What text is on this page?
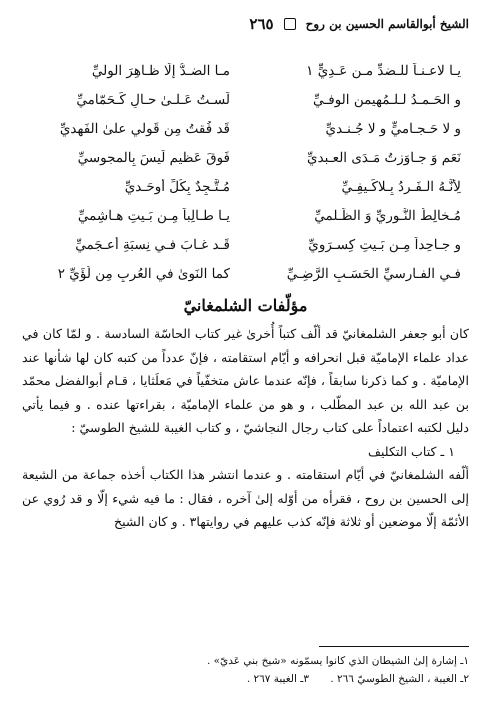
الشيخ أبوالقاسم الحسين بن روح
٢٦٥
يـا لاعـنـاً للـضدِّ مـن عَـدِيٍّ ١
مـا الضـدُّ إلّا ظـاهِرَ الوليِّ
و الحَـمـدُ لـلـمُهيمنِ الوفـيِّ
لَسـتُ عَـلـىٰ حـالٍ كَـحَمّاميِّ
و لا حَـجـاميٍّ و لا جُـنـديِّ
قَد فُقتُ مِن قَولي علىٰ الفَهديِّ
نَعَم وَ جـاوَزتُ مَـدَى العـبديِّ
فَوقَ عَظيمٍ لَيسَ بِالمجوسيِّ
لِأَنَّـهُ الـفَـردُ بِـلاكَـيفِـيِّ
مُـتَّـجِدٌ بِكُلِّ أوحَـديِّ
مُـخالِطُ النُّـوريِّ وَ الظُّـلميِّ
يـا طـالِباً مِـن بَـيتِ هـاشِميِّ
و جـاحِداً مِـن بَـيتِ كِسـرَويِّ
قَـد غـابَ فـي نِسبَةِ أعـجَميِّ
فـي الفـارسيِّ الحَسَـبِ الرَّضِـيِّ
كما النَوىٰ في العُربِ مِن لُؤَيِّ ٢
مؤلّفات الشلمغانيّ

كان أبو جعفر الشلمغانيّ قد ألّف كتباً أُخرىٰ غير كتاب الحاسّة السادسة . و لمّا كان في عداد علماء الإماميّة قبل انحرافه و أيّام استقامته ، فإنّ عدداً من كتبه كان لها شأنها عند الإماميّة . و كما ذكرنا سابقاً ، فإنّه عندما عاش متخفّياً في مَعلَثايا ، قـام أبوالفضل محمّد بن عبد الله بن عبد المطّلب ، و هو من علماء الإماميّة ، بقراءتها عنده . و فيما يأتي دليل لكتبه اعتماداً على كتاب رجال النجاشيّ ، و كتاب الغيبة للشيخ الطوسيّ :

١ ـ كتاب التكليف

ألّفه الشلمغانيّ في أيّام استقامته . و عندما انتشر هذا الكتاب أخذه جماعة من الشيعة إلى الحسين بن روح ، فقرأه من أوّله إلىٰ آخره ، فقال : ما فيه شيء إلّا و قد رُوي عن الأئمّة إلّا موضعين أو ثلاثة فإنّه كذب عليهم في روايتها٣ . و كان الشيخ

١ـ إشارة إلىٰ الشيطان الذي كانوا يسمّونه «شيخ بني عَديّ» .
٢ـ الغيبة ، الشيخ الطوسيّ ٢٦٦ . ٣ـ الغيبة ٢٦٧ .
